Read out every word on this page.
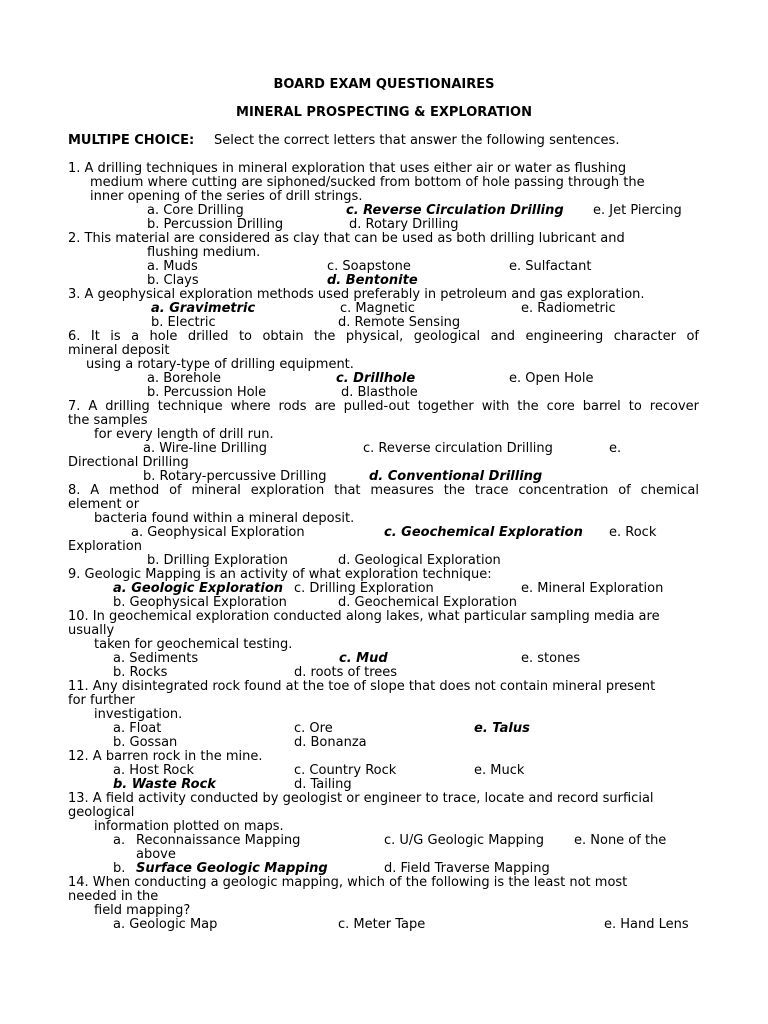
BOARD EXAM QUESTIONAIRES
MINERAL PROSPECTING & EXPLORATION
MULTIPE CHOICE: Select the correct letters that answer the following sentences.
1. A drilling techniques in mineral exploration that uses either air or water as flushing
medium where cutting are siphoned/sucked from bottom of hole passing through the
inner opening of the series of drill strings.
a. Core Drilling	c. Reverse Circulation Drilling e. Jet Piercing
b. Percussion Drilling	d. Rotary Drilling
2. This material are considered as clay that can be used as both drilling lubricant and
flushing medium.
a. Muds	c. Soapstone	e. Sulfactant
b. Clays	d. Bentonite
3. A geophysical exploration methods used preferably in petroleum and gas exploration.
a. Gravimetric	c. Magnetic	e. Radiometric
b. Electric	d. Remote Sensing
6. It is a hole drilled to obtain the physical, geological and engineering character of
mineral deposit
using a rotary-type of drilling equipment.
a. Borehole	c. Drillhole	e. Open Hole
b. Percussion Hole	d. Blasthole
7. A drilling technique where rods are pulled-out together with the core barrel to recover
the samples
for every length of drill run.
a. Wire-line Drilling	c. Reverse circulation Drilling	e.
Directional Drilling
b. Rotary-percussive Drilling	d. Conventional Drilling
8. A method of mineral exploration that measures the trace concentration of chemical
element or
bacteria found within a mineral deposit.
a. Geophysical Exploration	c. Geochemical Exploration e. Rock
Exploration
b. Drilling Exploration	d. Geological Exploration
9. Geologic Mapping is an activity of what exploration technique:
a. Geologic Exploration c. Drilling Exploration	e. Mineral Exploration
b. Geophysical Exploration	d. Geochemical Exploration
10. In geochemical exploration conducted along lakes, what particular sampling media are
usually
taken for geochemical testing.
a. Sediments	c. Mud	e. stones
b. Rocks	d. roots of trees
11. Any disintegrated rock found at the toe of slope that does not contain mineral present
for further
investigation.
a. Float	c. Ore	e. Talus
b. Gossan	d. Bonanza
12. A barren rock in the mine.
a. Host Rock	c. Country Rock	e. Muck
b. Waste Rock	d. Tailing
13. A field activity conducted by geologist or engineer to trace, locate and record surficial
geological
information plotted on maps.
a. Reconnaissance Mapping	c. U/G Geologic Mapping e. None of the
above
b. Surface Geologic Mapping	d. Field Traverse Mapping
14. When conducting a geologic mapping, which of the following is the least not most
needed in the
field mapping?
a. Geologic Map	c. Meter Tape	e. Hand Lens
